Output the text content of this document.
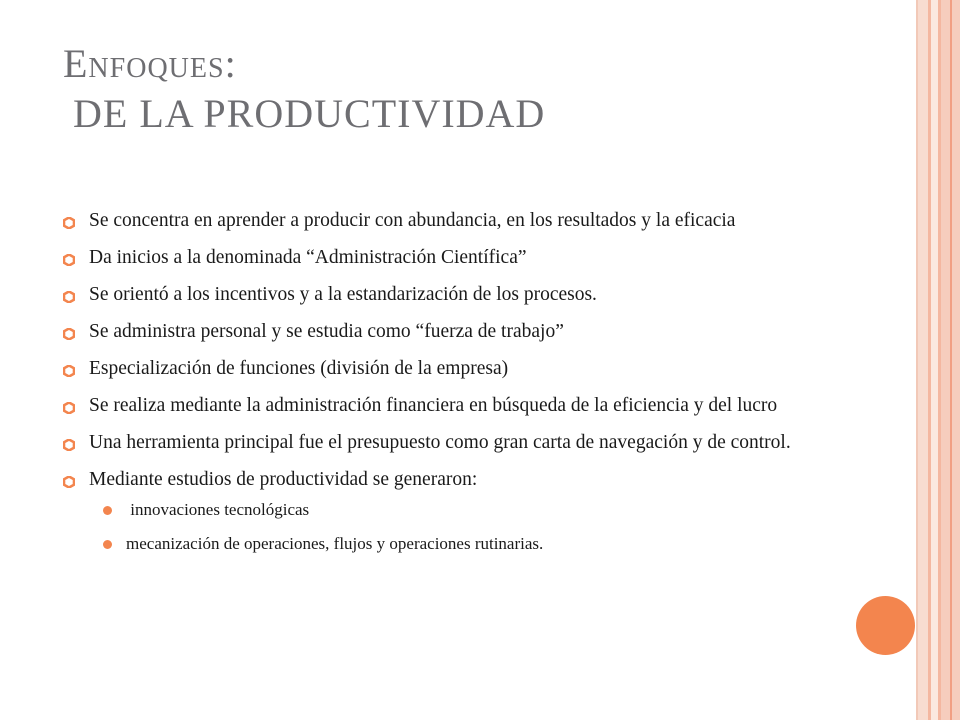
Enfoques:
DE LA PRODUCTIVIDAD
Se concentra en aprender a producir con abundancia, en los resultados y la eficacia
Da inicios a la denominada “Administración Científica”
Se orientó a los incentivos y a la estandarización de los procesos.
Se administra personal y se estudia como “fuerza de trabajo”
Especialización de funciones (división de la empresa)
Se realiza mediante la administración financiera en búsqueda de la eficiencia y del lucro
Una herramienta principal fue el presupuesto como gran carta de navegación y de control.
Mediante estudios de productividad se generaron:
innovaciones tecnológicas
mecanización de operaciones, flujos y operaciones rutinarias.
